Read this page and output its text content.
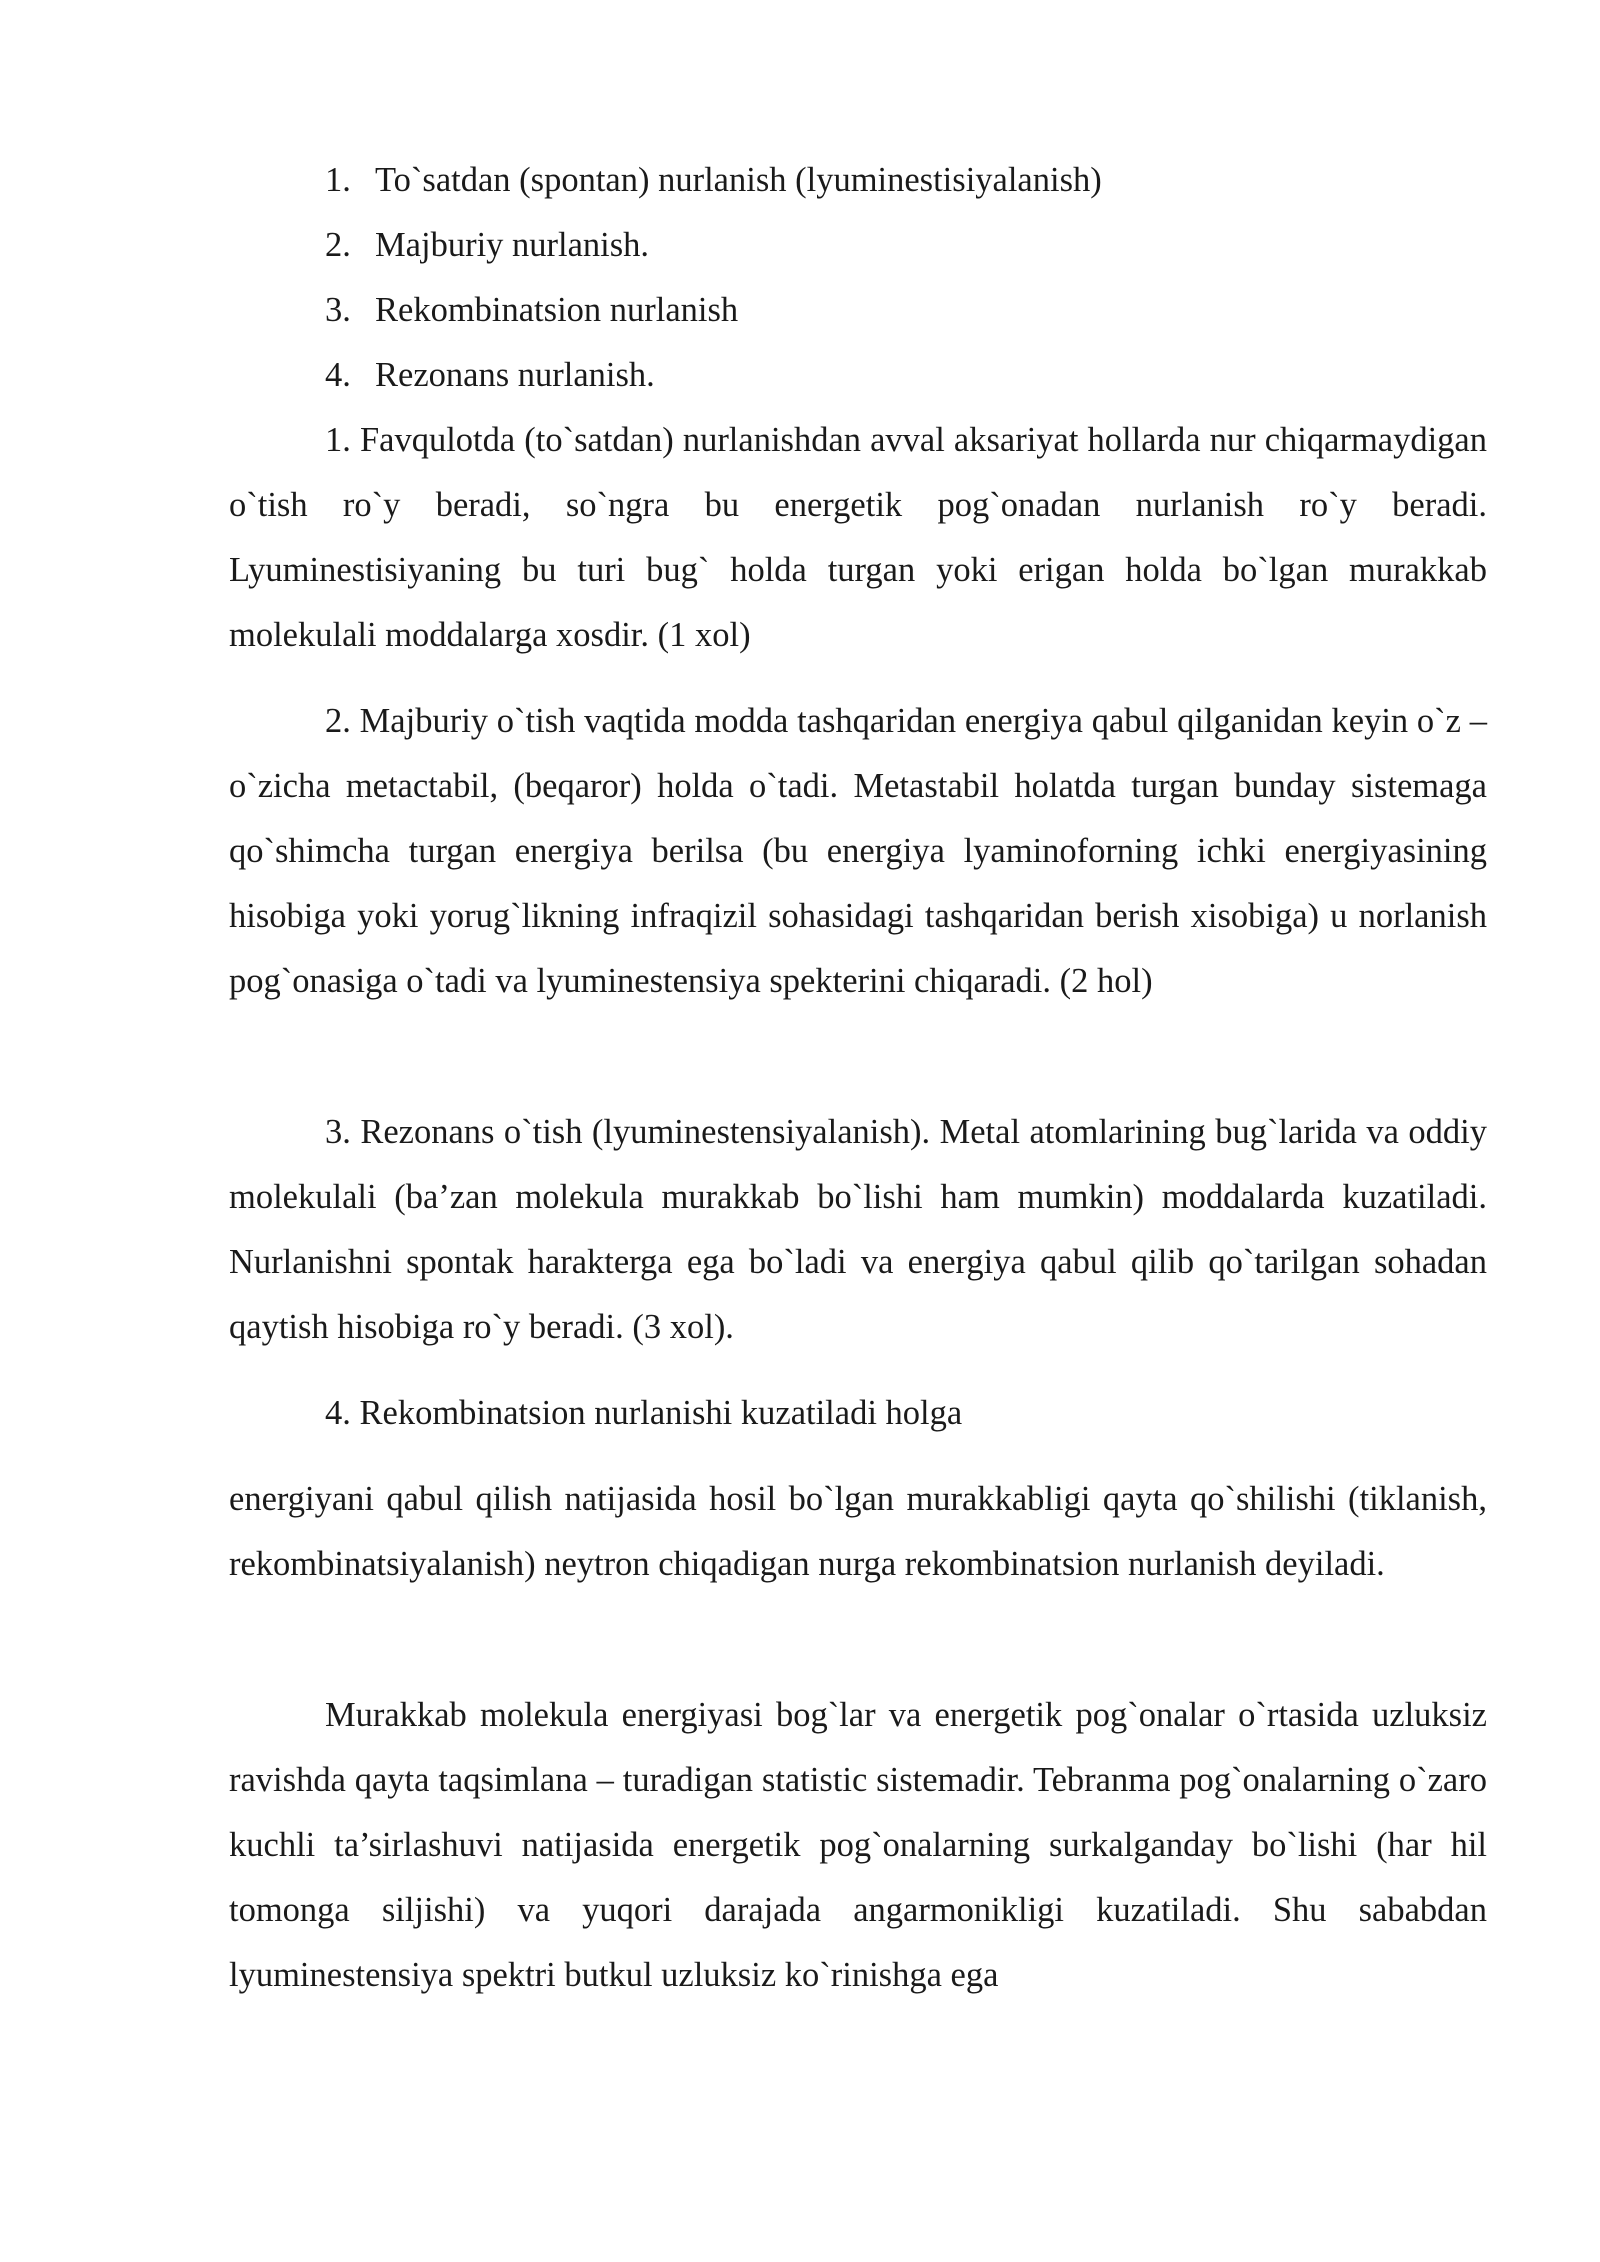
1. To`satdan (spontan) nurlanish (lyuminestisiyalanish)
2. Majburiy nurlanish.
3. Rekombinatsion nurlanish
4. Rezonans nurlanish.

1. Favqulotda (to`satdan) nurlanishdan avval aksariyat hollarda nur chiqarmaydigan o`tish ro`y beradi, so`ngra bu energetik pog`onadan nurlanish ro`y beradi. Lyuminestisiyaning bu turi bug` holda turgan yoki erigan holda bo`lgan murakkab molekulali moddalarga xosdir. (1 xol)

2. Majburiy o`tish vaqtida modda tashqaridan energiya qabul qilganidan keyin o`z –o`zicha metactabil, (beqaror) holda o`tadi. Metastabil holatda turgan bunday sistemaga qo`shimcha turgan energiya berilsa (bu energiya lyaminoforning ichki energiyasining hisobiga yoki yorug`likning infraqizil sohasidagi tashqaridan berish xisobiga) u norlanish pog`onasiga o`tadi va lyuminestensiya spekterini chiqaradi. (2 hol)

3. Rezonans o`tish (lyuminestensiyalanish). Metal atomlarining bug`larida va oddiy molekulali (ba’zan molekula murakkab bo`lishi ham mumkin) moddalarda kuzatiladi. Nurlanishni spontak harakterga ega bo`ladi va energiya qabul qilib qo`tarilgan sohadan qaytish hisobiga ro`y beradi. (3 xol).

4. Rekombinatsion nurlanishi kuzatiladi holga

energiyani qabul qilish natijasida hosil bo`lgan murakkabligi qayta qo`shilishi (tiklanish, rekombinatsiyalanish) neytron chiqadigan nurga rekombinatsion nurlanish deyiladi.

Murakkab molekula energiyasi bog`lar va energetik pog`onalar o`rtasida uzluksiz ravishda qayta taqsimlana – turadigan statistic sistemadir. Tebranma pog`onalarning o`zaro kuchli ta’sirlashuvi natijasida energetik pog`onalarning surkalganday bo`lishi (har hil tomonga siljishi) va yuqori darajada angarmonikligi kuzatiladi. Shu sababdan lyuminestensiya spektri butkul uzluksiz ko`rinishga ega
